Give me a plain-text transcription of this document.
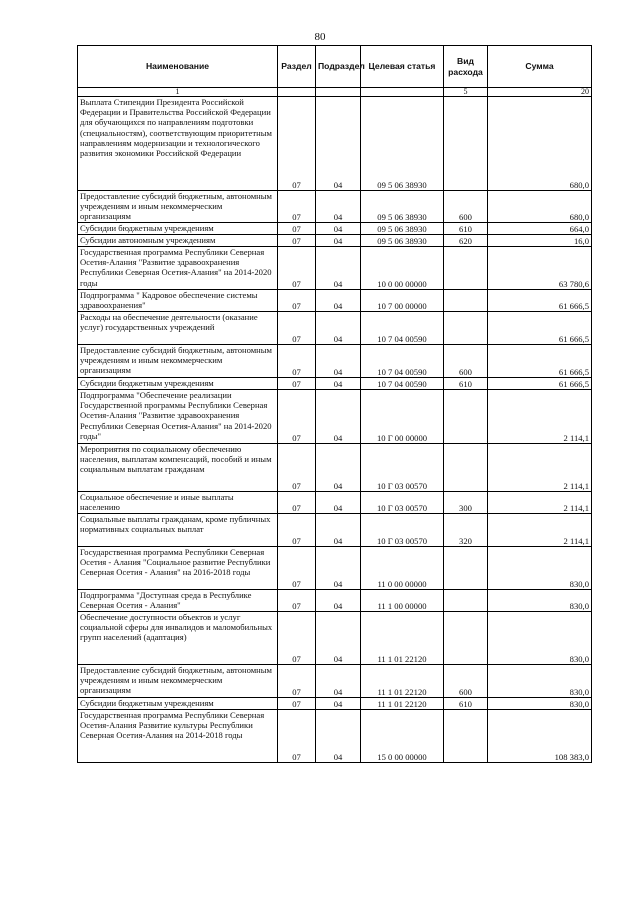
80
Наименование	Раздел	Подраздел	Целевая статья	Вид расхода	Сумма
1				5	20

Выплата Стипендии Президента Российской Федерации и Правительства Российской Федерации для обучающихся по направлениям подготовки (специальностям), соответствующим приоритетным направлениям модернизации и технологического развития экономики Российской Федерации	07	04	09 5 06 38930		680,0

Предоставление субсидий бюджетным, автономным учреждениям и иным некоммерческим организациям	07	04	09 5 06 38930	600	680,0

Субсидии бюджетным учреждениям	07	04	09 5 06 38930	610	664,0

Субсидии автономным учреждениям	07	04	09 5 06 38930	620	16,0

Государственная программа Республики Северная Осетия-Алания "Развитие здравоохранения Республики Северная Осетия-Алания" на 2014-2020 годы	07	04	10 0 00 00000		63 780,6

Подпрограмма " Кадровое обеспечение системы здравоохранения"	07	04	10 7 00 00000		61 666,5

Расходы на обеспечение деятельности (оказание услуг) государственных учреждений	07	04	10 7 04 00590		61 666,5

Предоставление субсидий бюджетным, автономным учреждениям и иным некоммерческим организациям	07	04	10 7 04 00590	600	61 666,5

Субсидии бюджетным учреждениям	07	04	10 7 04 00590	610	61 666,5

Подпрограмма "Обеспечение реализации Государственной программы Республики Северная Осетия-Алания "Развитие здравоохранения Республики Северная Осетия-Алания" на 2014-2020 годы"	07	04	10 Г 00 00000		2 114,1

Мероприятия по социальному обеспечению населения, выплатам компенсаций, пособий и иным социальным выплатам гражданам	07	04	10 Г 03 00570		2 114,1

Социальное обеспечение и иные выплаты населению	07	04	10 Г 03 00570	300	2 114,1

Социальные выплаты гражданам, кроме публичных нормативных социальных выплат	07	04	10 Г 03 00570	320	2 114,1

Государственная программа Республики Северная Осетия - Алания "Социальное развитие Республики Северная Осетия - Алания" на 2016-2018 годы	07	04	11 0 00 00000		830,0

Подпрограмма "Доступная среда в Республике Северная Осетия - Алания"	07	04	11 1 00 00000		830,0

Обеспечение доступности объектов и услуг социальной сферы для инвалидов и маломобильных групп населений (адаптация)	07	04	11 1 01 22120		830,0

Предоставление субсидий бюджетным, автономным учреждениям и иным некоммерческим организациям	07	04	11 1 01 22120	600	830,0

Субсидии бюджетным учреждениям	07	04	11 1 01 22120	610	830,0

Государственная программа Республики Северная Осетия-Алания Развитие культуры Республики Северная Осетия-Алания на 2014-2018 годы	07	04	15 0 00 00000		108 383,0
